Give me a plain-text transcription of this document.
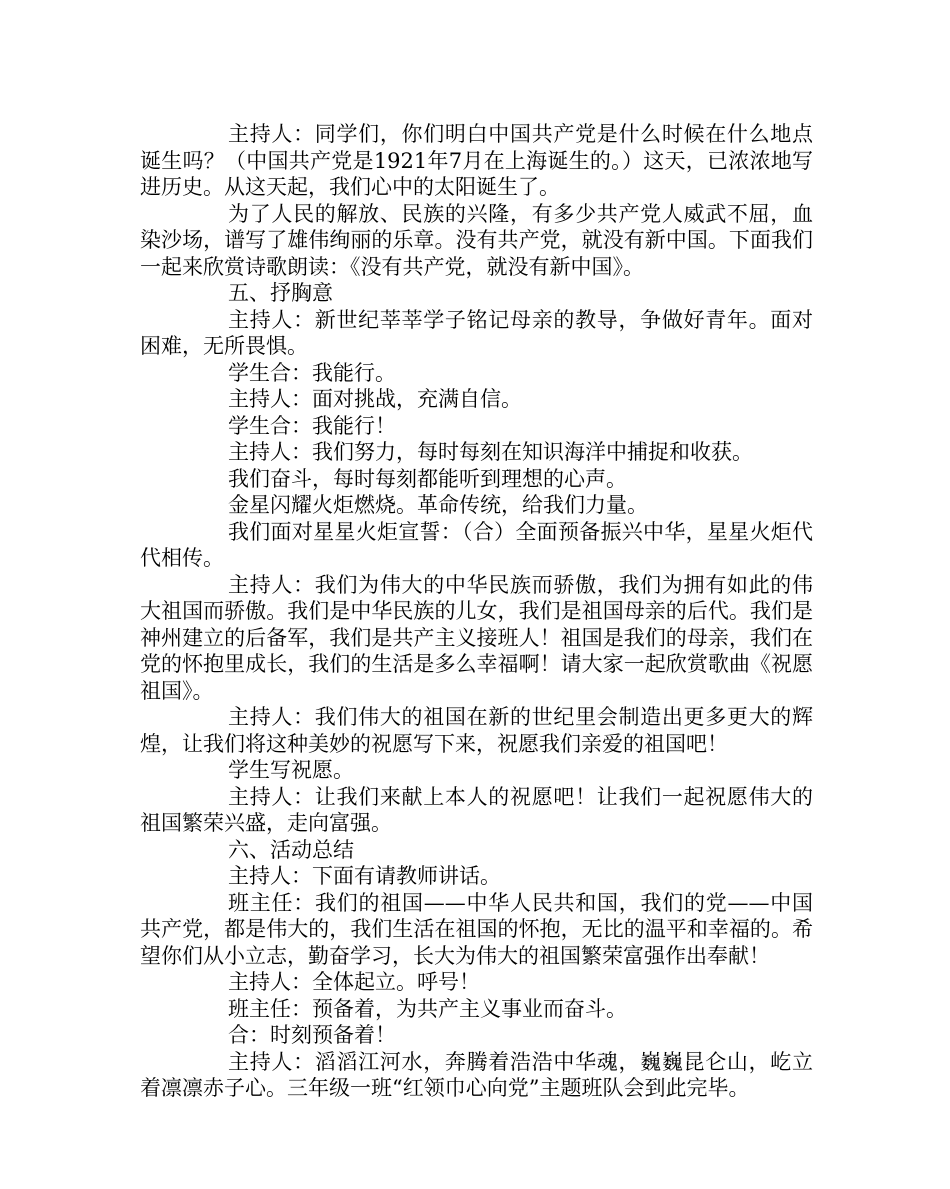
主持人：同学们，你们明白中国共产党是什么时候在什么地点诞生吗？（中国共产党是1921年7月在上海诞生的。）这天，已浓浓地写进历史。从这天起，我们心中的太阳诞生了。

为了人民的解放、民族的兴隆，有多少共产党人威武不屈，血染沙场，谱写了雄伟绚丽的乐章。没有共产党，就没有新中国。下面我们一起来欣赏诗歌朗读：《没有共产党，就没有新中国》。

五、抒胸意

主持人：新世纪莘莘学子铭记母亲的教导，争做好青年。面对困难，无所畏惧。

学生合：我能行。

主持人：面对挑战，充满自信。

学生合：我能行！

主持人：我们努力，每时每刻在知识海洋中捕捉和收获。

我们奋斗，每时每刻都能听到理想的心声。

金星闪耀火炬燃烧。革命传统，给我们力量。

我们面对星星火炬宣誓：（合）全面预备振兴中华，星星火炬代代相传。

主持人：我们为伟大的中华民族而骄傲，我们为拥有如此的伟大祖国而骄傲。我们是中华民族的儿女，我们是祖国母亲的后代。我们是神州建立的后备军，我们是共产主义接班人！祖国是我们的母亲，我们在党的怀抱里成长，我们的生活是多么幸福啊！请大家一起欣赏歌曲《祝愿祖国》。

主持人：我们伟大的祖国在新的世纪里会制造出更多更大的辉煌，让我们将这种美妙的祝愿写下来，祝愿我们亲爱的祖国吧！

学生写祝愿。

主持人：让我们来献上本人的祝愿吧！让我们一起祝愿伟大的祖国繁荣兴盛，走向富强。

六、活动总结

主持人：下面有请教师讲话。

班主任：我们的祖国——中华人民共和国，我们的党——中国共产党，都是伟大的，我们生活在祖国的怀抱，无比的温平和幸福的。希望你们从小立志，勤奋学习，长大为伟大的祖国繁荣富强作出奉献！

主持人：全体起立。呼号！

班主任：预备着，为共产主义事业而奋斗。

合：时刻预备着！

主持人：滔滔江河水，奔腾着浩浩中华魂，巍巍昆仑山，屹立着凛凛赤子心。三年级一班“红领巾心向党”主题班队会到此完毕。
